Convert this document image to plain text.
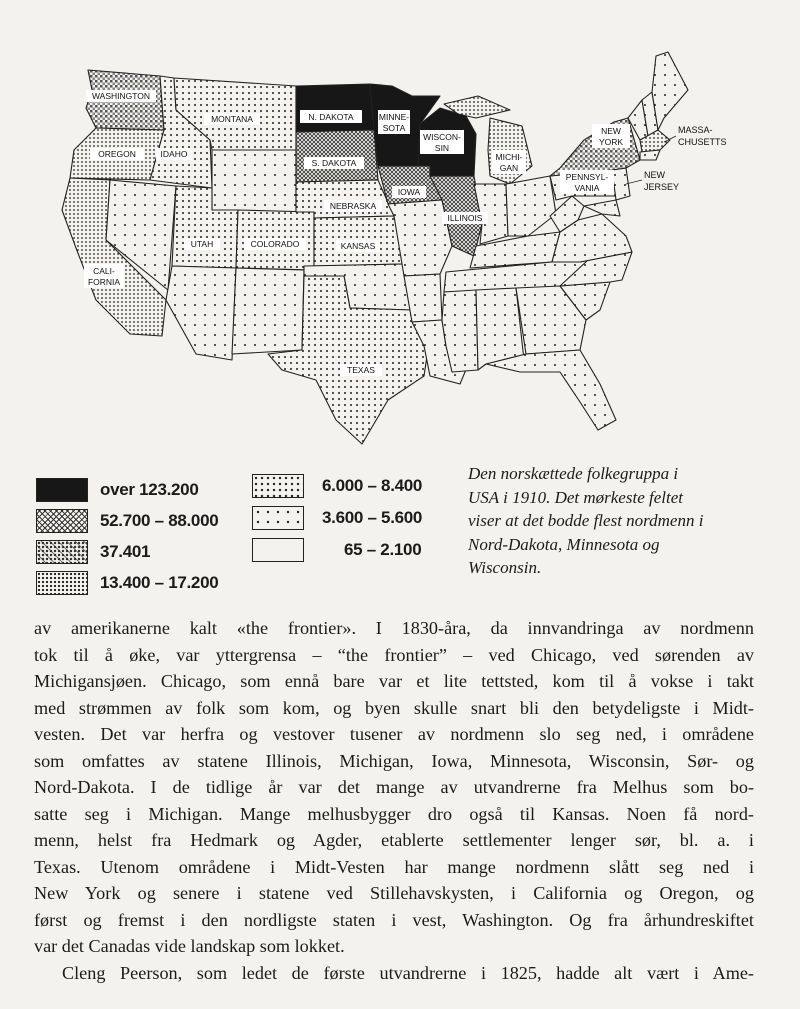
WASHINGTON
MONTANA
OREGON	IDAHO
N. DAKOTA	MINNE-
SOTA
WISCON-
SIN
S. DAKOTA
MICHI-
GAN
IOWA
NEBRASKA
ILLINOIS
UTAH	COLORADO	KANSAS
CALI-
FORNIA
TEXAS
NEW
YORK
PENNSYL-
VANIA
MASSA-
CHUSETTS
NEW
JERSEY
over 123.200
52.700 – 88.000
37.401
13.400 – 17.200
6.000 – 8.400
3.600 – 5.600
65 – 2.100
Den norskættede folkegruppa i
USA i 1910. Det mørkeste feltet
viser at det bodde flest nordmenn i
Nord-Dakota, Minnesota og
Wisconsin.
av amerikanerne kalt «the frontier». I 1830-åra, da innvandringa av nordmenn
tok til å øke, var yttergrensa – “the frontier” – ved Chicago, ved sørenden av
Michigansjøen. Chicago, som ennå bare var et lite tettsted, kom til å vokse i takt
med strømmen av folk som kom, og byen skulle snart bli den betydeligste i Midt-
vesten. Det var herfra og vestover tusener av nordmenn slo seg ned, i områdene
som omfattes av statene Illinois, Michigan, Iowa, Minnesota, Wisconsin, Sør- og
Nord-Dakota. I de tidlige år var det mange av utvandrerne fra Melhus som bo-
satte seg i Michigan. Mange melhusbygger dro også til Kansas. Noen få nord-
menn, helst fra Hedmark og Agder, etablerte settlementer lenger sør, bl. a. i
Texas. Utenom områdene i Midt-Vesten har mange nordmenn slått seg ned i
New York og senere i statene ved Stillehavskysten, i California og Oregon, og
først og fremst i den nordligste staten i vest, Washington. Og fra århundreskiftet
var det Canadas vide landskap som lokket.
Cleng Peerson, som ledet de første utvandrerne i 1825, hadde alt vært i Ame-
